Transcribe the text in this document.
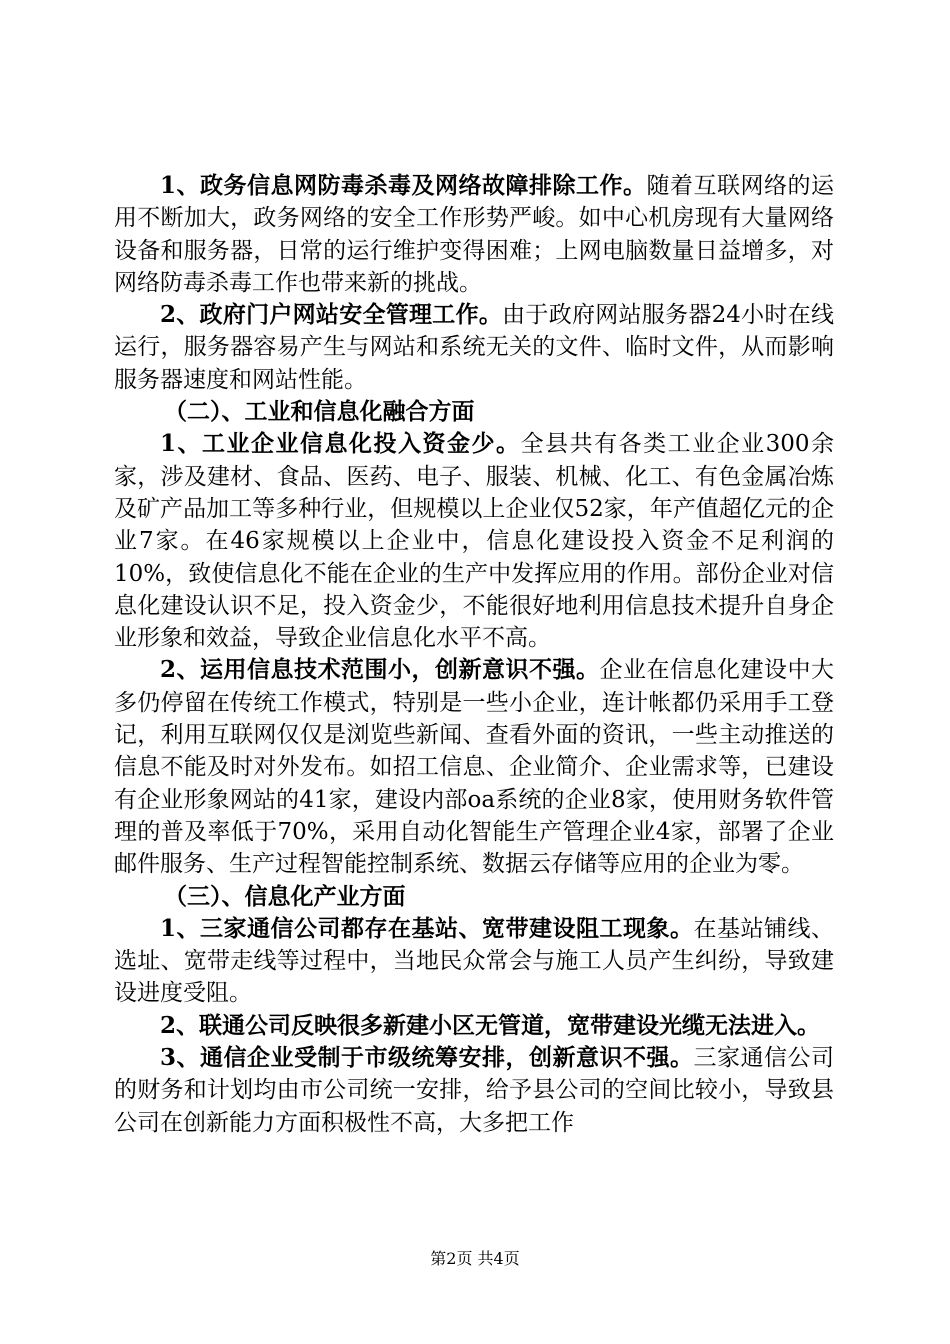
1、政务信息网防毒杀毒及网络故障排除工作。随着互联网络的运用不断加大，政务网络的安全工作形势严峻。如中心机房现有大量网络设备和服务器，日常的运行维护变得困难；上网电脑数量日益增多，对网络防毒杀毒工作也带来新的挑战。

2、政府门户网站安全管理工作。由于政府网站服务器24小时在线运行，服务器容易产生与网站和系统无关的文件、临时文件，从而影响服务器速度和网站性能。

（二）、工业和信息化融合方面

1、工业企业信息化投入资金少。全县共有各类工业企业300余家，涉及建材、食品、医药、电子、服装、机械、化工、有色金属冶炼及矿产品加工等多种行业，但规模以上企业仅52家，年产值超亿元的企业7家。在46家规模以上企业中，信息化建设投入资金不足利润的10%，致使信息化不能在企业的生产中发挥应用的作用。部份企业对信息化建设认识不足，投入资金少，不能很好地利用信息技术提升自身企业形象和效益，导致企业信息化水平不高。

2、运用信息技术范围小，创新意识不强。企业在信息化建设中大多仍停留在传统工作模式，特别是一些小企业，连计帐都仍采用手工登记，利用互联网仅仅是浏览些新闻、查看外面的资讯，一些主动推送的信息不能及时对外发布。如招工信息、企业简介、企业需求等，已建设有企业形象网站的41家，建设内部oa系统的企业8家，使用财务软件管理的普及率低于70%，采用自动化智能生产管理企业4家，部署了企业邮件服务、生产过程智能控制系统、数据云存储等应用的企业为零。

（三）、信息化产业方面

1、三家通信公司都存在基站、宽带建设阻工现象。在基站铺线、选址、宽带走线等过程中，当地民众常会与施工人员产生纠纷，导致建设进度受阻。

2、联通公司反映很多新建小区无管道，宽带建设光缆无法进入。

3、通信企业受制于市级统筹安排，创新意识不强。三家通信公司的财务和计划均由市公司统一安排，给予县公司的空间比较小，导致县公司在创新能力方面积极性不高，大多把工作

第2页 共4页
